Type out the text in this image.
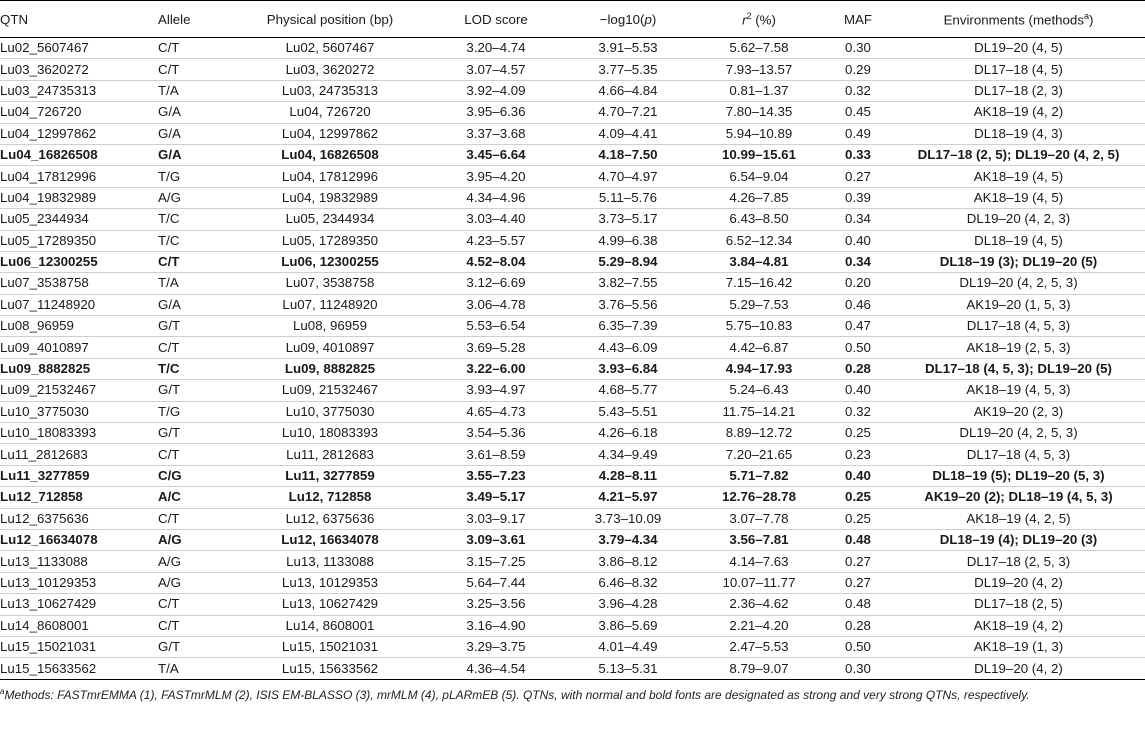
QTN	Allele	Physical position (bp)	LOD score	−log10(p)	$r^2$ (%)	MAF	Environments (methods$^a$)
Lu02_5607467	C/T	Lu02, 5607467	3.20–4.74	3.91–5.53	5.62–7.58	0.30	DL19–20 (4, 5)
Lu03_3620272	C/T	Lu03, 3620272	3.07–4.57	3.77–5.35	7.93–13.57	0.29	DL17–18 (4, 5)
Lu03_24735313	T/A	Lu03, 24735313	3.92–4.09	4.66–4.84	0.81–1.37	0.32	DL17–18 (2, 3)
Lu04_726720	G/A	Lu04, 726720	3.95–6.36	4.70–7.21	7.80–14.35	0.45	AK18–19 (4, 2)
Lu04_12997862	G/A	Lu04, 12997862	3.37–3.68	4.09–4.41	5.94–10.89	0.49	DL18–19 (4, 3)
Lu04_16826508	G/A	Lu04, 16826508	3.45–6.64	4.18–7.50	10.99–15.61	0.33	DL17–18 (2, 5); DL19–20 (4, 2, 5)
Lu04_17812996	T/G	Lu04, 17812996	3.95–4.20	4.70–4.97	6.54–9.04	0.27	AK18–19 (4, 5)
Lu04_19832989	A/G	Lu04, 19832989	4.34–4.96	5.11–5.76	4.26–7.85	0.39	AK18–19 (4, 5)
Lu05_2344934	T/C	Lu05, 2344934	3.03–4.40	3.73–5.17	6.43–8.50	0.34	DL19–20 (4, 2, 3)
Lu05_17289350	T/C	Lu05, 17289350	4.23–5.57	4.99–6.38	6.52–12.34	0.40	DL18–19 (4, 5)
Lu06_12300255	C/T	Lu06, 12300255	4.52–8.04	5.29–8.94	3.84–4.81	0.34	DL18–19 (3); DL19–20 (5)
Lu07_3538758	T/A	Lu07, 3538758	3.12–6.69	3.82–7.55	7.15–16.42	0.20	DL19–20 (4, 2, 5, 3)
Lu07_11248920	G/A	Lu07, 11248920	3.06–4.78	3.76–5.56	5.29–7.53	0.46	AK19–20 (1, 5, 3)
Lu08_96959	G/T	Lu08, 96959	5.53–6.54	6.35–7.39	5.75–10.83	0.47	DL17–18 (4, 5, 3)
Lu09_4010897	C/T	Lu09, 4010897	3.69–5.28	4.43–6.09	4.42–6.87	0.50	AK18–19 (2, 5, 3)
Lu09_8882825	T/C	Lu09, 8882825	3.22–6.00	3.93–6.84	4.94–17.93	0.28	DL17–18 (4, 5, 3); DL19–20 (5)
Lu09_21532467	G/T	Lu09, 21532467	3.93–4.97	4.68–5.77	5.24–6.43	0.40	AK18–19 (4, 5, 3)
Lu10_3775030	T/G	Lu10, 3775030	4.65–4.73	5.43–5.51	11.75–14.21	0.32	AK19–20 (2, 3)
Lu10_18083393	G/T	Lu10, 18083393	3.54–5.36	4.26–6.18	8.89–12.72	0.25	DL19–20 (4, 2, 5, 3)
Lu11_2812683	C/T	Lu11, 2812683	3.61–8.59	4.34–9.49	7.20–21.65	0.23	DL17–18 (4, 5, 3)
Lu11_3277859	C/G	Lu11, 3277859	3.55–7.23	4.28–8.11	5.71–7.82	0.40	DL18–19 (5); DL19–20 (5, 3)
Lu12_712858	A/C	Lu12, 712858	3.49–5.17	4.21–5.97	12.76–28.78	0.25	AK19–20 (2); DL18–19 (4, 5, 3)
Lu12_6375636	C/T	Lu12, 6375636	3.03–9.17	3.73–10.09	3.07–7.78	0.25	AK18–19 (4, 2, 5)
Lu12_16634078	A/G	Lu12, 16634078	3.09–3.61	3.79–4.34	3.56–7.81	0.48	DL18–19 (4); DL19–20 (3)
Lu13_1133088	A/G	Lu13, 1133088	3.15–7.25	3.86–8.12	4.14–7.63	0.27	DL17–18 (2, 5, 3)
Lu13_10129353	A/G	Lu13, 10129353	5.64–7.44	6.46–8.32	10.07–11.77	0.27	DL19–20 (4, 2)
Lu13_10627429	C/T	Lu13, 10627429	3.25–3.56	3.96–4.28	2.36–4.62	0.48	DL17–18 (2, 5)
Lu14_8608001	C/T	Lu14, 8608001	3.16–4.90	3.86–5.69	2.21–4.20	0.28	AK18–19 (4, 2)
Lu15_15021031	G/T	Lu15, 15021031	3.29–3.75	4.01–4.49	2.47–5.53	0.50	AK18–19 (1, 3)
Lu15_15633562	T/A	Lu15, 15633562	4.36–4.54	5.13–5.31	8.79–9.07	0.30	DL19–20 (4, 2)
$^a$Methods: FASTmrEMMA (1), FASTmrMLM (2), ISIS EM-BLASSO (3), mrMLM (4), pLARmEB (5). QTNs, with normal and bold fonts are designated as strong and very strong QTNs, respectively.
